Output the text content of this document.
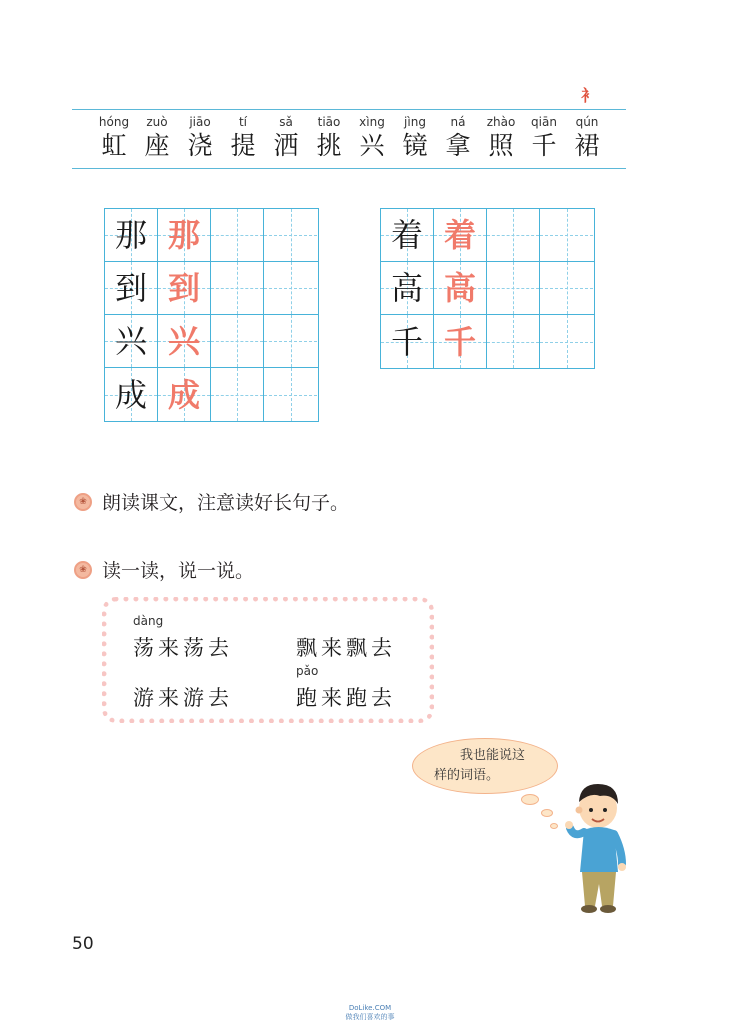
衤
hóng
虹
zuò
座
jiāo
浇
tí
提
sǎ
洒
tiāo
挑
xìng
兴
jìng
镜
ná
拿
zhào
照
qiān
千
qún
裙
那 那
到 到
兴 兴
成 成
着 着
高 高
千 千
❀ 朗读课文，注意读好长句子。
❀ 读一读，说一说。
dàng
荡来荡去	飘来飘去
游来游去
pǎo
跑来跑去
我也能说这
样的词语。
50
DoLike.COM
做我们喜欢的事
